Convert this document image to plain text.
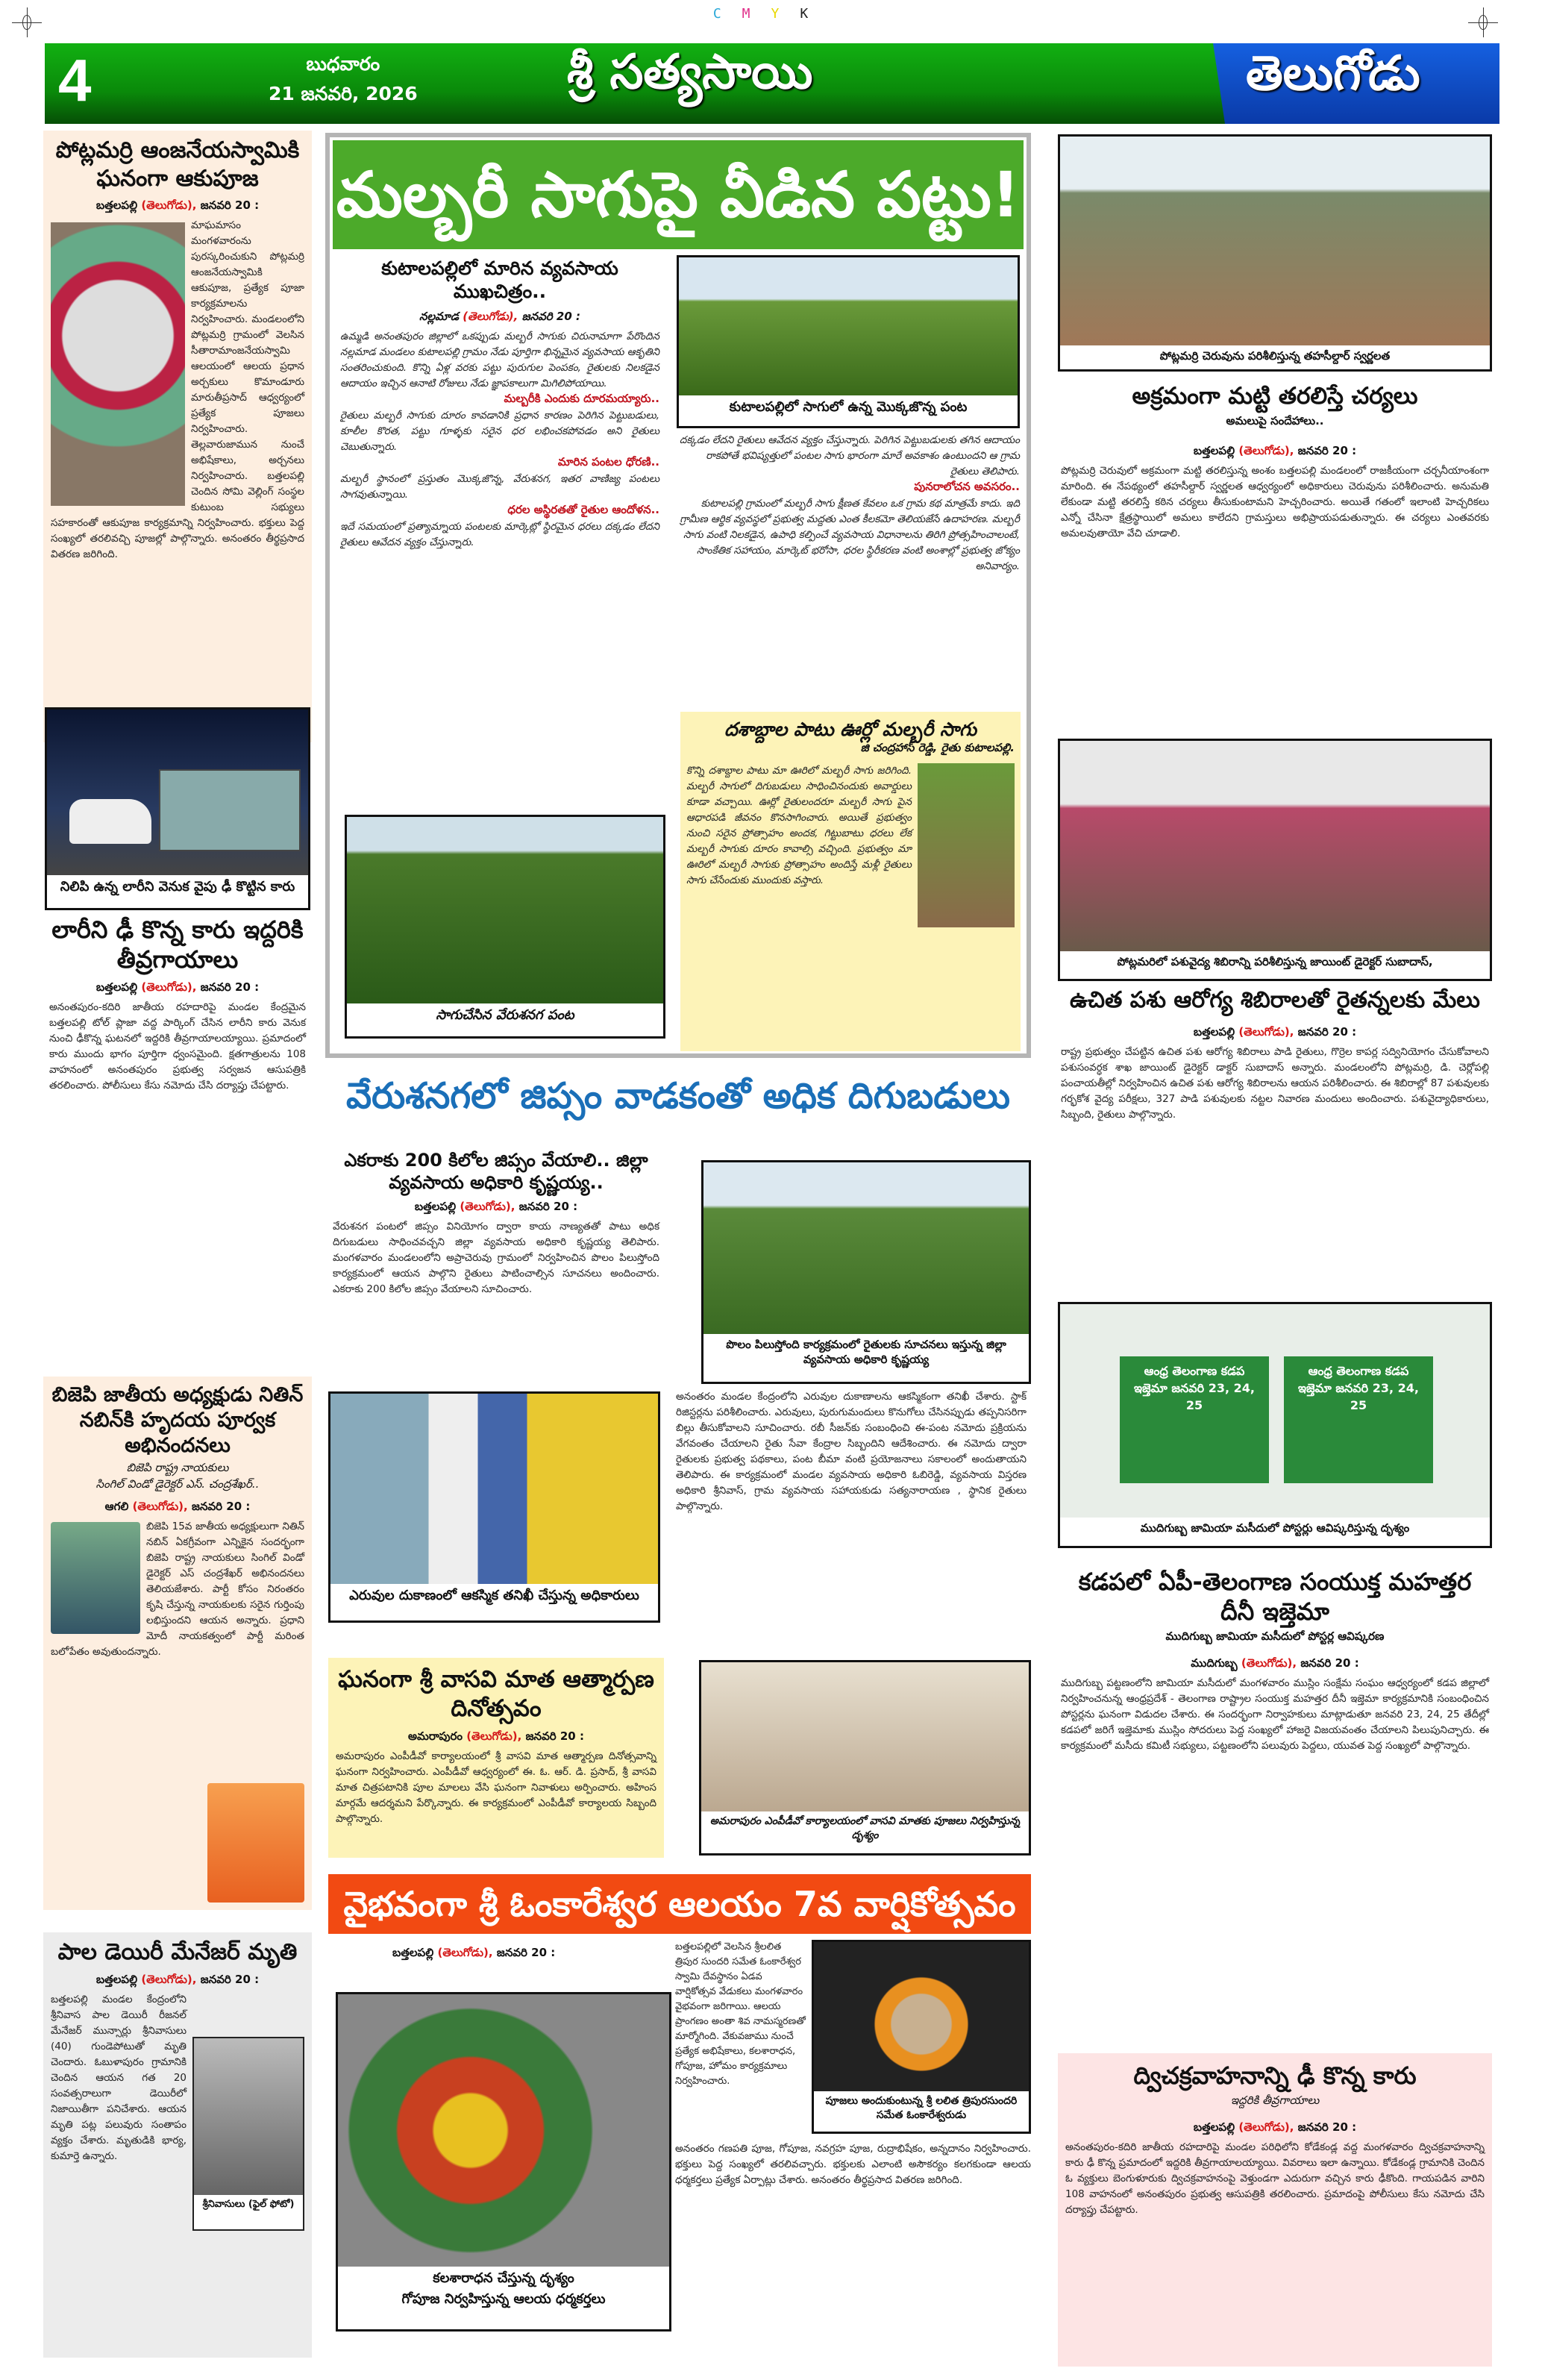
CMYK
4	బుధవారం
21 జనవరి, 2026	శ్రీ సత్యసాయి	తెలుగోడు
పోట్లమర్రి ఆంజనేయస్వామికి ఘనంగా ఆకుపూజ
బత్తలపల్లి (తెలుగోడు), జనవరి 20 :
మాఘమాసం మంగళవారంను పురస్కరించుకుని పోట్లమర్రి ఆంజనేయస్వామికి ఆకుపూజ, ప్రత్యేక పూజా కార్యక్రమాలను నిర్వహించారు. మండలంలోని పోట్లమర్రి గ్రామంలో వెలసిన సీతారామాంజనేయస్వామి ఆలయంలో ఆలయ ప్రధాన అర్చకులు కొమాండూరు మారుతీప్రసాద్ ఆధ్వర్యంలో ప్రత్యేక పూజలు నిర్వహించారు. తెల్లవారుజామున నుంచే అభిషేకాలు, అర్చనలు నిర్వహించారు. బత్తలపల్లి చెందిన సోమి వెల్లింగ్ సంస్థల కుటుంబ సభ్యులు సహకారంతో ఆకుపూజ కార్యక్రమాన్ని నిర్వహించారు. భక్తులు పెద్ద సంఖ్యలో తరలివచ్చి పూజల్లో పాల్గొన్నారు. అనంతరం తీర్థప్రసాద వితరణ జరిగింది.
నిలిపి ఉన్న లారీని వెనుక వైపు ఢీ కొట్టిన కారు
లారీని ఢీ కొన్న కారు ఇద్దరికి తీవ్రగాయాలు
బత్తలపల్లి (తెలుగోడు), జనవరి 20 :
అనంతపురం-కదిరి జాతీయ రహదారిపై మండల కేంద్రమైన బత్తలపల్లి టోల్ ప్లాజా వద్ద పార్కింగ్ చేసిన లారీని కారు వెనుక నుంచి ఢీకొన్న ఘటనలో ఇద్దరికి తీవ్రగాయాలయ్యాయి. ప్రమాదంలో కారు ముందు భాగం పూర్తిగా ధ్వంసమైంది. క్షతగాత్రులను 108 వాహనంలో అనంతపురం ప్రభుత్వ సర్వజన ఆసుపత్రికి తరలించారు. పోలీసులు కేసు నమోదు చేసి దర్యాప్తు చేపట్టారు.
బిజెపి జాతీయ అధ్యక్షుడు నితిన్ నబిన్‌కి హృదయ పూర్వక అభినందనలు
బిజెపి రాష్ట్ర నాయకులు
సింగిల్ విండో డైరెక్టర్ ఎస్. చంద్రశేఖర్..
ఆగలి (తెలుగోడు), జనవరి 20 :
బిజెపి 15వ జాతీయ అధ్యక్షులుగా నితిన్ నబిన్ ఏకగ్రీవంగా ఎన్నికైన సందర్భంగా బిజెపి రాష్ట్ర నాయకులు సింగిల్ విండో డైరెక్టర్ ఎస్ చంద్రశేఖర్ అభినందనలు తెలియజేశారు. పార్టీ కోసం నిరంతరం కృషి చేస్తున్న నాయకులకు సరైన గుర్తింపు లభిస్తుందని ఆయన అన్నారు. ప్రధాని మోదీ నాయకత్వంలో పార్టీ మరింత బలోపేతం అవుతుందన్నారు.
పాల డెయిరీ మేనేజర్ మృతి
బత్తలపల్లి (తెలుగోడు), జనవరి 20 :
శ్రీనివాసులు (ఫైల్ ఫోటో)
బత్తలపల్లి మండల కేంద్రంలోని శ్రీనివాస పాల డెయిరీ రీజనల్ మేనేజర్ మున్సార్లు శ్రీనివాసులు (40) గుండెపోటుతో మృతి చెందారు. ఓబుళాపురం గ్రామానికి చెందిన ఆయన గత 20 సంవత్సరాలుగా డెయిరీలో నిజాయితీగా పనిచేశారు. ఆయన మృతి పట్ల పలువురు సంతాపం వ్యక్తం చేశారు. మృతుడికి భార్య, కుమార్తె ఉన్నారు.
మల్బరీ సాగుపై వీడిన పట్టు!
కుటాలపల్లిలో మారిన వ్యవసాయ ముఖచిత్రం..
నల్లమాడ (తెలుగోడు), జనవరి 20 :
ఉమ్మడి అనంతపురం జిల్లాలో ఒకప్పుడు మల్బరీ సాగుకు చిరునామాగా పేరొందిన నల్లమాడ మండలం కుటాలపల్లి గ్రామం నేడు పూర్తిగా భిన్నమైన వ్యవసాయ ఆకృతిని సంతరించుకుంది. కొన్ని ఏళ్ల వరకు పట్టు పురుగుల పెంపకం, రైతులకు నిలకడైన ఆదాయం ఇచ్చిన ఆనాటి రోజులు నేడు జ్ఞాపకాలుగా మిగిలిపోయాయి.
మల్బరీకి ఎందుకు దూరమయ్యారు..
రైతులు మల్బరీ సాగుకు దూరం కావడానికి ప్రధాన కారణం పెరిగిన పెట్టుబడులు, కూలీల కొరత, పట్టు గూళ్ళకు సరైన ధర లభించకపోవడం అని రైతులు చెబుతున్నారు.
మారిన పంటల ధోరణి..
మల్బరీ స్థానంలో ప్రస్తుతం మొక్కజొన్న, వేరుశనగ, ఇతర వాణిజ్య పంటలు సాగవుతున్నాయి.
ధరల అస్థిరతతో రైతుల ఆందోళన..
ఇదే సమయంలో ప్రత్యామ్నాయ పంటలకు మార్కెట్లో స్థిరమైన ధరలు దక్కడం లేదని రైతులు ఆవేదన వ్యక్తం చేస్తున్నారు.
సాగుచేసిన వేరుశనగ పంట
కుటాలపల్లిలో సాగులో ఉన్న మొక్కజొన్న పంట
దక్కడం లేదని రైతులు ఆవేదన వ్యక్తం చేస్తున్నారు. పెరిగిన పెట్టుబడులకు తగిన ఆదాయం రాకపోతే భవిష్యత్తులో పంటల సాగు భారంగా మారే అవకాశం ఉంటుందని ఆ గ్రామ రైతులు తెలిపారు.
పునరాలోచన అవసరం..
కుటాలపల్లి గ్రామంలో మల్బరీ సాగు క్షీణత కేవలం ఒక గ్రామ కథ మాత్రమే కాదు. ఇది గ్రామీణ ఆర్థిక వ్యవస్థలో ప్రభుత్వ మద్దతు ఎంత కీలకమో తెలియజేసే ఉదాహరణ. మల్బరీ సాగు వంటి నిలకడైన, ఉపాధి కల్పించే వ్యవసాయ విధానాలను తిరిగి ప్రోత్సహించాలంటే, సాంకేతిక సహాయం, మార్కెట్ భరోసా, ధరల స్థిరీకరణ వంటి అంశాల్లో ప్రభుత్వ జోక్యం అనివార్యం.
దశాబ్దాల పాటు ఊర్లో మల్బరీ సాగు
జి చంద్రహాస్ రెడ్డి, రైతు కుటాలపల్లి.
కొన్ని దశాబ్దాల పాటు మా ఊరిలో మల్బరీ సాగు జరిగింది. మల్బరీ సాగులో దిగుబడులు సాధించినందుకు అవార్డులు కూడా వచ్చాయి. ఊర్లో రైతులందరూ మల్బరీ సాగు పైన ఆధారపడి జీవనం కొనసాగించారు. అయితే ప్రభుత్వం నుంచి సరైన ప్రోత్సాహం అందక, గిట్టుబాటు ధరలు లేక మల్బరీ సాగుకు దూరం కావాల్సి వచ్చింది. ప్రభుత్వం మా ఊరిలో మల్బరీ సాగుకు ప్రోత్సాహం అందిస్తే మళ్లీ రైతులు సాగు చేసేందుకు ముందుకు వస్తారు.
వేరుశనగలో జిప్సం వాడకంతో అధిక దిగుబడులు
ఎకరాకు 200 కిలోల జిప్సం వేయాలి.. జిల్లా వ్యవసాయ అధికారి కృష్ణయ్య..
బత్తలపల్లి (తెలుగోడు), జనవరి 20 :
వేరుశనగ పంటలో జిప్సం వినియోగం ద్వారా కాయ నాణ్యతతో పాటు అధిక దిగుబడులు సాధించవచ్చని జిల్లా వ్యవసాయ అధికారి కృష్ణయ్య తెలిపారు. మంగళవారం మండలంలోని అప్రాచెరువు గ్రామంలో నిర్వహించిన పొలం పిలుస్తోంది కార్యక్రమంలో ఆయన పాల్గొని రైతులు పాటించాల్సిన సూచనలు అందించారు. ఎకరాకు 200 కిలోల జిప్సం వేయాలని సూచించారు.
పొలం పిలుస్తోంది కార్యక్రమంలో రైతులకు సూచనలు ఇస్తున్న జిల్లా వ్యవసాయ అధికారి కృష్ణయ్య
ఎరువుల దుకాణంలో ఆకస్మిక తనిఖీ చేస్తున్న అధికారులు
అనంతరం మండల కేంద్రంలోని ఎరువుల దుకాణాలను ఆకస్మికంగా తనిఖీ చేశారు. స్టాక్ రిజిస్టర్లను పరిశీలించారు. ఎరువులు, పురుగుమందులు కొనుగోలు చేసినప్పుడు తప్పనిసరిగా బిల్లు తీసుకోవాలని సూచించారు. రబీ సీజన్‌కు సంబంధించి ఈ-పంట నమోదు ప్రక్రియను వేగవంతం చేయాలని రైతు సేవా కేంద్రాల సిబ్బందిని ఆదేశించారు. ఈ నమోదు ద్వారా రైతులకు ప్రభుత్వ పథకాలు, పంట బీమా వంటి ప్రయోజనాలు సకాలంలో అందుతాయని తెలిపారు. ఈ కార్యక్రమంలో మండల వ్యవసాయ అధికారి ఓబిరెడ్డి, వ్యవసాయ విస్తరణ అధికారి శ్రీనివాస్, గ్రామ వ్యవసాయ సహాయకుడు సత్యనారాయణ , స్థానిక రైతులు పాల్గొన్నారు.
ఘనంగా శ్రీ వాసవి మాత ఆత్మార్పణ దినోత్సవం
అమరాపురం (తెలుగోడు), జనవరి 20 :
అమరాపురం ఎంపీడీవో కార్యాలయంలో శ్రీ వాసవి మాత ఆత్మార్పణ దినోత్సవాన్ని ఘనంగా నిర్వహించారు. ఎంపీడీవో ఆధ్వర్యంలో ఈ. ఓ. ఆర్. డి. ప్రసాద్, శ్రీ వాసవి మాత చిత్రపటానికి పూల మాలలు వేసి ఘనంగా నివాళులు అర్పించారు. అహింస మార్గమే ఆదర్శమని పేర్కొన్నారు. ఈ కార్యక్రమంలో ఎంపీడీవో కార్యాలయ సిబ్బంది పాల్గొన్నారు.	అమరాపురం ఎంపీడీవో కార్యాలయంలో వాసవి మాతకు పూజలు నిర్వహిస్తున్న దృశ్యం
వైభవంగా శ్రీ ఓంకారేశ్వర ఆలయం 7వ వార్షికోత్సవం
బత్తలపల్లి (తెలుగోడు), జనవరి 20 :
కలశారాధన చేస్తున్న దృశ్యం
గోపూజ నిర్వహిస్తున్న ఆలయ ధర్మకర్తలు
బత్తలపల్లిలో వెలసిన శ్రీలలిత త్రిపుర సుందరి సమేత ఓంకారేశ్వర స్వామి దేవస్థానం ఏడవ వార్షికోత్సవ వేడుకలు మంగళవారం వైభవంగా జరిగాయి. ఆలయ ప్రాంగణం అంతా శివ నామస్మరణతో మార్మోగింది. వేకువజాము నుంచే ప్రత్యేక అభిషేకాలు, కలశారాధన, గోపూజ, హోమం కార్యక్రమాలు నిర్వహించారు.
పూజలు అందుకుంటున్న శ్రీ లలిత త్రిపురసుందరి సమేత ఓంకారేశ్వరుడు
అనంతరం గణపతి పూజ, గోపూజ, నవగ్రహ పూజ, రుద్రాభిషేకం, అన్నదానం నిర్వహించారు. భక్తులు పెద్ద సంఖ్యలో తరలివచ్చారు. భక్తులకు ఎలాంటి అసౌకర్యం కలగకుండా ఆలయ ధర్మకర్తలు ప్రత్యేక ఏర్పాట్లు చేశారు. అనంతరం తీర్థప్రసాద వితరణ జరిగింది.
పోట్లమర్రి చెరువును పరిశీలిస్తున్న తహసీల్దార్ స్వర్ణలత
అక్రమంగా మట్టి తరలిస్తే చర్యలు
అమలుపై సందేహాలు..
బత్తలపల్లి (తెలుగోడు), జనవరి 20 :
పోట్లమర్రి చెరువులో అక్రమంగా మట్టి తరలిస్తున్న అంశం బత్తలపల్లి మండలంలో రాజకీయంగా చర్చనీయాంశంగా మారింది. ఈ నేపథ్యంలో తహసీల్దార్ స్వర్ణలత ఆధ్వర్యంలో అధికారులు చెరువును పరిశీలించారు. అనుమతి లేకుండా మట్టి తరలిస్తే కఠిన చర్యలు తీసుకుంటామని హెచ్చరించారు. అయితే గతంలో ఇలాంటి హెచ్చరికలు ఎన్నో చేసినా క్షేత్రస్థాయిలో అమలు కాలేదని గ్రామస్తులు అభిప్రాయపడుతున్నారు. ఈ చర్యలు ఎంతవరకు అమలవుతాయో వేచి చూడాలి.
పోట్లమరిలో పశువైద్య శిబిరాన్ని పరిశీలిస్తున్న జాయింట్ డైరెక్టర్ సుబాదాస్,
ఉచిత పశు ఆరోగ్య శిబిరాలతో రైతన్నలకు మేలు
బత్తలపల్లి (తెలుగోడు), జనవరి 20 :
రాష్ట్ర ప్రభుత్వం చేపట్టిన ఉచిత పశు ఆరోగ్య శిబిరాలు పాడి రైతులు, గొర్రెల కాపర్ల సద్వినియోగం చేసుకోవాలని పశుసంవర్ధక శాఖ జాయింట్ డైరెక్టర్ డాక్టర్ సుబాదాస్ అన్నారు. మండలంలోని పోట్లమర్రి, డి. చెర్లోపల్లి పంచాయతీల్లో నిర్వహించిన ఉచిత పశు ఆరోగ్య శిబిరాలను ఆయన పరిశీలించారు. ఈ శిబిరాల్లో 87 పశువులకు గర్భకోశ వైద్య పరీక్షలు, 327 పాడి పశువులకు నట్టల నివారణ మందులు అందించారు. పశువైద్యాధికారులు, సిబ్బంది, రైతులు పాల్గొన్నారు.
ఆంధ్ర తెలంగాణ కడప ఇజ్తెమా జనవరి 23, 24, 25
ఆంధ్ర తెలంగాణ కడప ఇజ్తెమా జనవరి 23, 24, 25
ముదిగుబ్బ జామియా మసీదులో పోస్టర్లు ఆవిష్కరిస్తున్న దృశ్యం
కడపలో ఏపీ-తెలంగాణ సంయుక్త మహత్తర దీనీ ఇజ్తెమా
ముదిగుబ్బ జామియా మసీదులో పోస్టర్ల ఆవిష్కరణ
ముదిగుబ్బ (తెలుగోడు), జనవరి 20 :
ముదిగుబ్బ పట్టణంలోని జామియా మసీదులో మంగళవారం ముస్లిం సంక్షేమ సంఘం ఆధ్వర్యంలో కడప జిల్లాలో నిర్వహించనున్న ఆంధ్రప్రదేశ్ - తెలంగాణ రాష్ట్రాల సంయుక్త మహత్తర దీనీ ఇజ్తెమా కార్యక్రమానికి సంబంధించిన పోస్టర్లను ఘనంగా విడుదల చేశారు. ఈ సందర్భంగా నిర్వాహకులు మాట్లాడుతూ జనవరి 23, 24, 25 తేదీల్లో కడపలో జరిగే ఇజ్తెమాకు ముస్లిం సోదరులు పెద్ద సంఖ్యలో హాజరై విజయవంతం చేయాలని పిలుపునిచ్చారు. ఈ కార్యక్రమంలో మసీదు కమిటీ సభ్యులు, పట్టణంలోని పలువురు పెద్దలు, యువత పెద్ద సంఖ్యలో పాల్గొన్నారు.
ద్విచక్రవాహనాన్ని ఢీ కొన్న కారు
ఇద్దరికి తీవ్రగాయాలు
బత్తలపల్లి (తెలుగోడు), జనవరి 20 :
అనంతపురం-కదిరి జాతీయ రహదారిపై మండల పరిధిలోని కోడేకండ్ల వద్ద మంగళవారం ద్విచక్రవాహనాన్ని కారు ఢీ కొన్న ప్రమాదంలో ఇద్దరికి తీవ్రగాయాలయ్యాయి. వివరాలు ఇలా ఉన్నాయి. కోడేకండ్ల గ్రామానికి చెందిన ఓ వ్యక్తులు బెంగుళూరుకు ద్విచక్రవాహనంపై వెళ్తుండగా ఎదురుగా వచ్చిన కారు ఢీకొంది. గాయపడిన వారిని 108 వాహనంలో అనంతపురం ప్రభుత్వ ఆసుపత్రికి తరలించారు. ప్రమాదంపై పోలీసులు కేసు నమోదు చేసి దర్యాప్తు చేపట్టారు.
